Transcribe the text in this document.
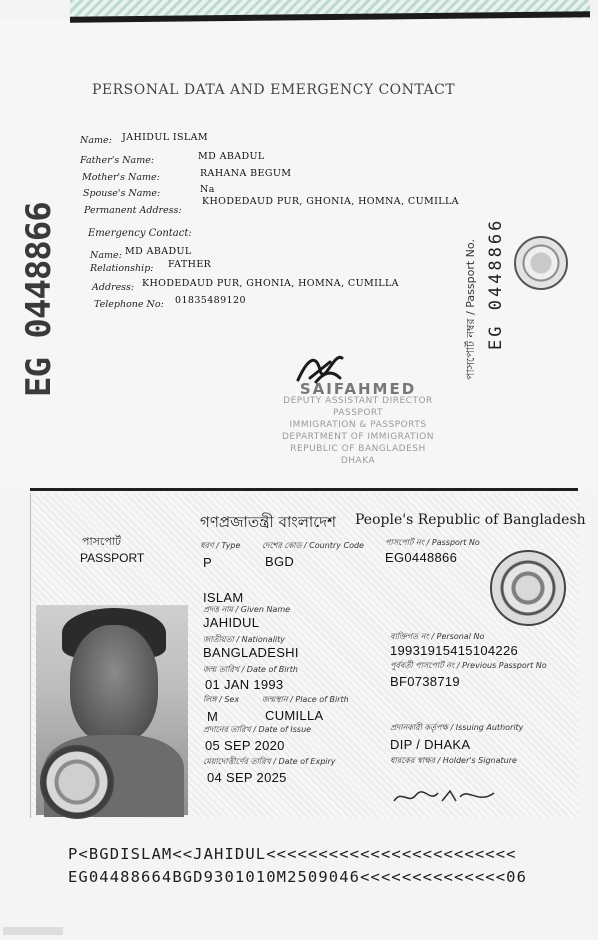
EG 0448866
PERSONAL DATA AND EMERGENCY CONTACT
Name: JAHIDUL ISLAM
Father's Name:	MD ABADUL
Mother's Name:	RAHANA BEGUM
Spouse's Name:	Na
Permanent Address:
KHODEDAUD PUR, GHONIA, HOMNA, CUMILLA
Emergency Contact:
Name: MD ABADUL
Relationship: FATHER
Address: KHODEDAUD PUR, GHONIA, HOMNA, CUMILLA
Telephone No: 01835489120	পাসপোর্ট নম্বর / Passport No. EG 0448866
SAIFAHMED
DEPUTY ASSISTANT DIRECTOR
PASSPORT
IMMIGRATION & PASSPORTS
DEPARTMENT OF IMMIGRATION
REPUBLIC OF BANGLADESH
DHAKA
গণপ্রজাতন্ত্রী বাংলাদেশ People's Republic of Bangladesh
পাসপোর্ট
PASSPORT
ধরণ / Type	দেশের কোড / Country Code	পাসপোর্ট নং / Passport No
P	BGD	EG0448866
ISLAM
প্রদত্ত নাম / Given Name
JAHIDUL
জাতীয়তা / Nationality
BANGLADESHI
ব্যক্তিগত নং / Personal No
19931915415104226
জন্ম তারিখ / Date of Birth
01 JAN 1993
পূর্ববর্তী পাসপোর্ট নং / Previous Passport No
BF0738719
লিঙ্গ / Sex	জন্মস্থান / Place of Birth
M	CUMILLA
প্রদানের তারিখ / Date of Issue
05 SEP 2020
প্রদানকারী কর্তৃপক্ষ / Issuing Authority
DIP / DHAKA
মেয়াদোত্তীর্ণের তারিখ / Date of Expiry
04 SEP 2025
ধারকের স্বাক্ষর / Holder's Signature
P<BGDISLAM<<JAHIDUL<<<<<<<<<<<<<<<<<<<<<<<<
EG04488664BGD9301010M2509046<<<<<<<<<<<<<<06
